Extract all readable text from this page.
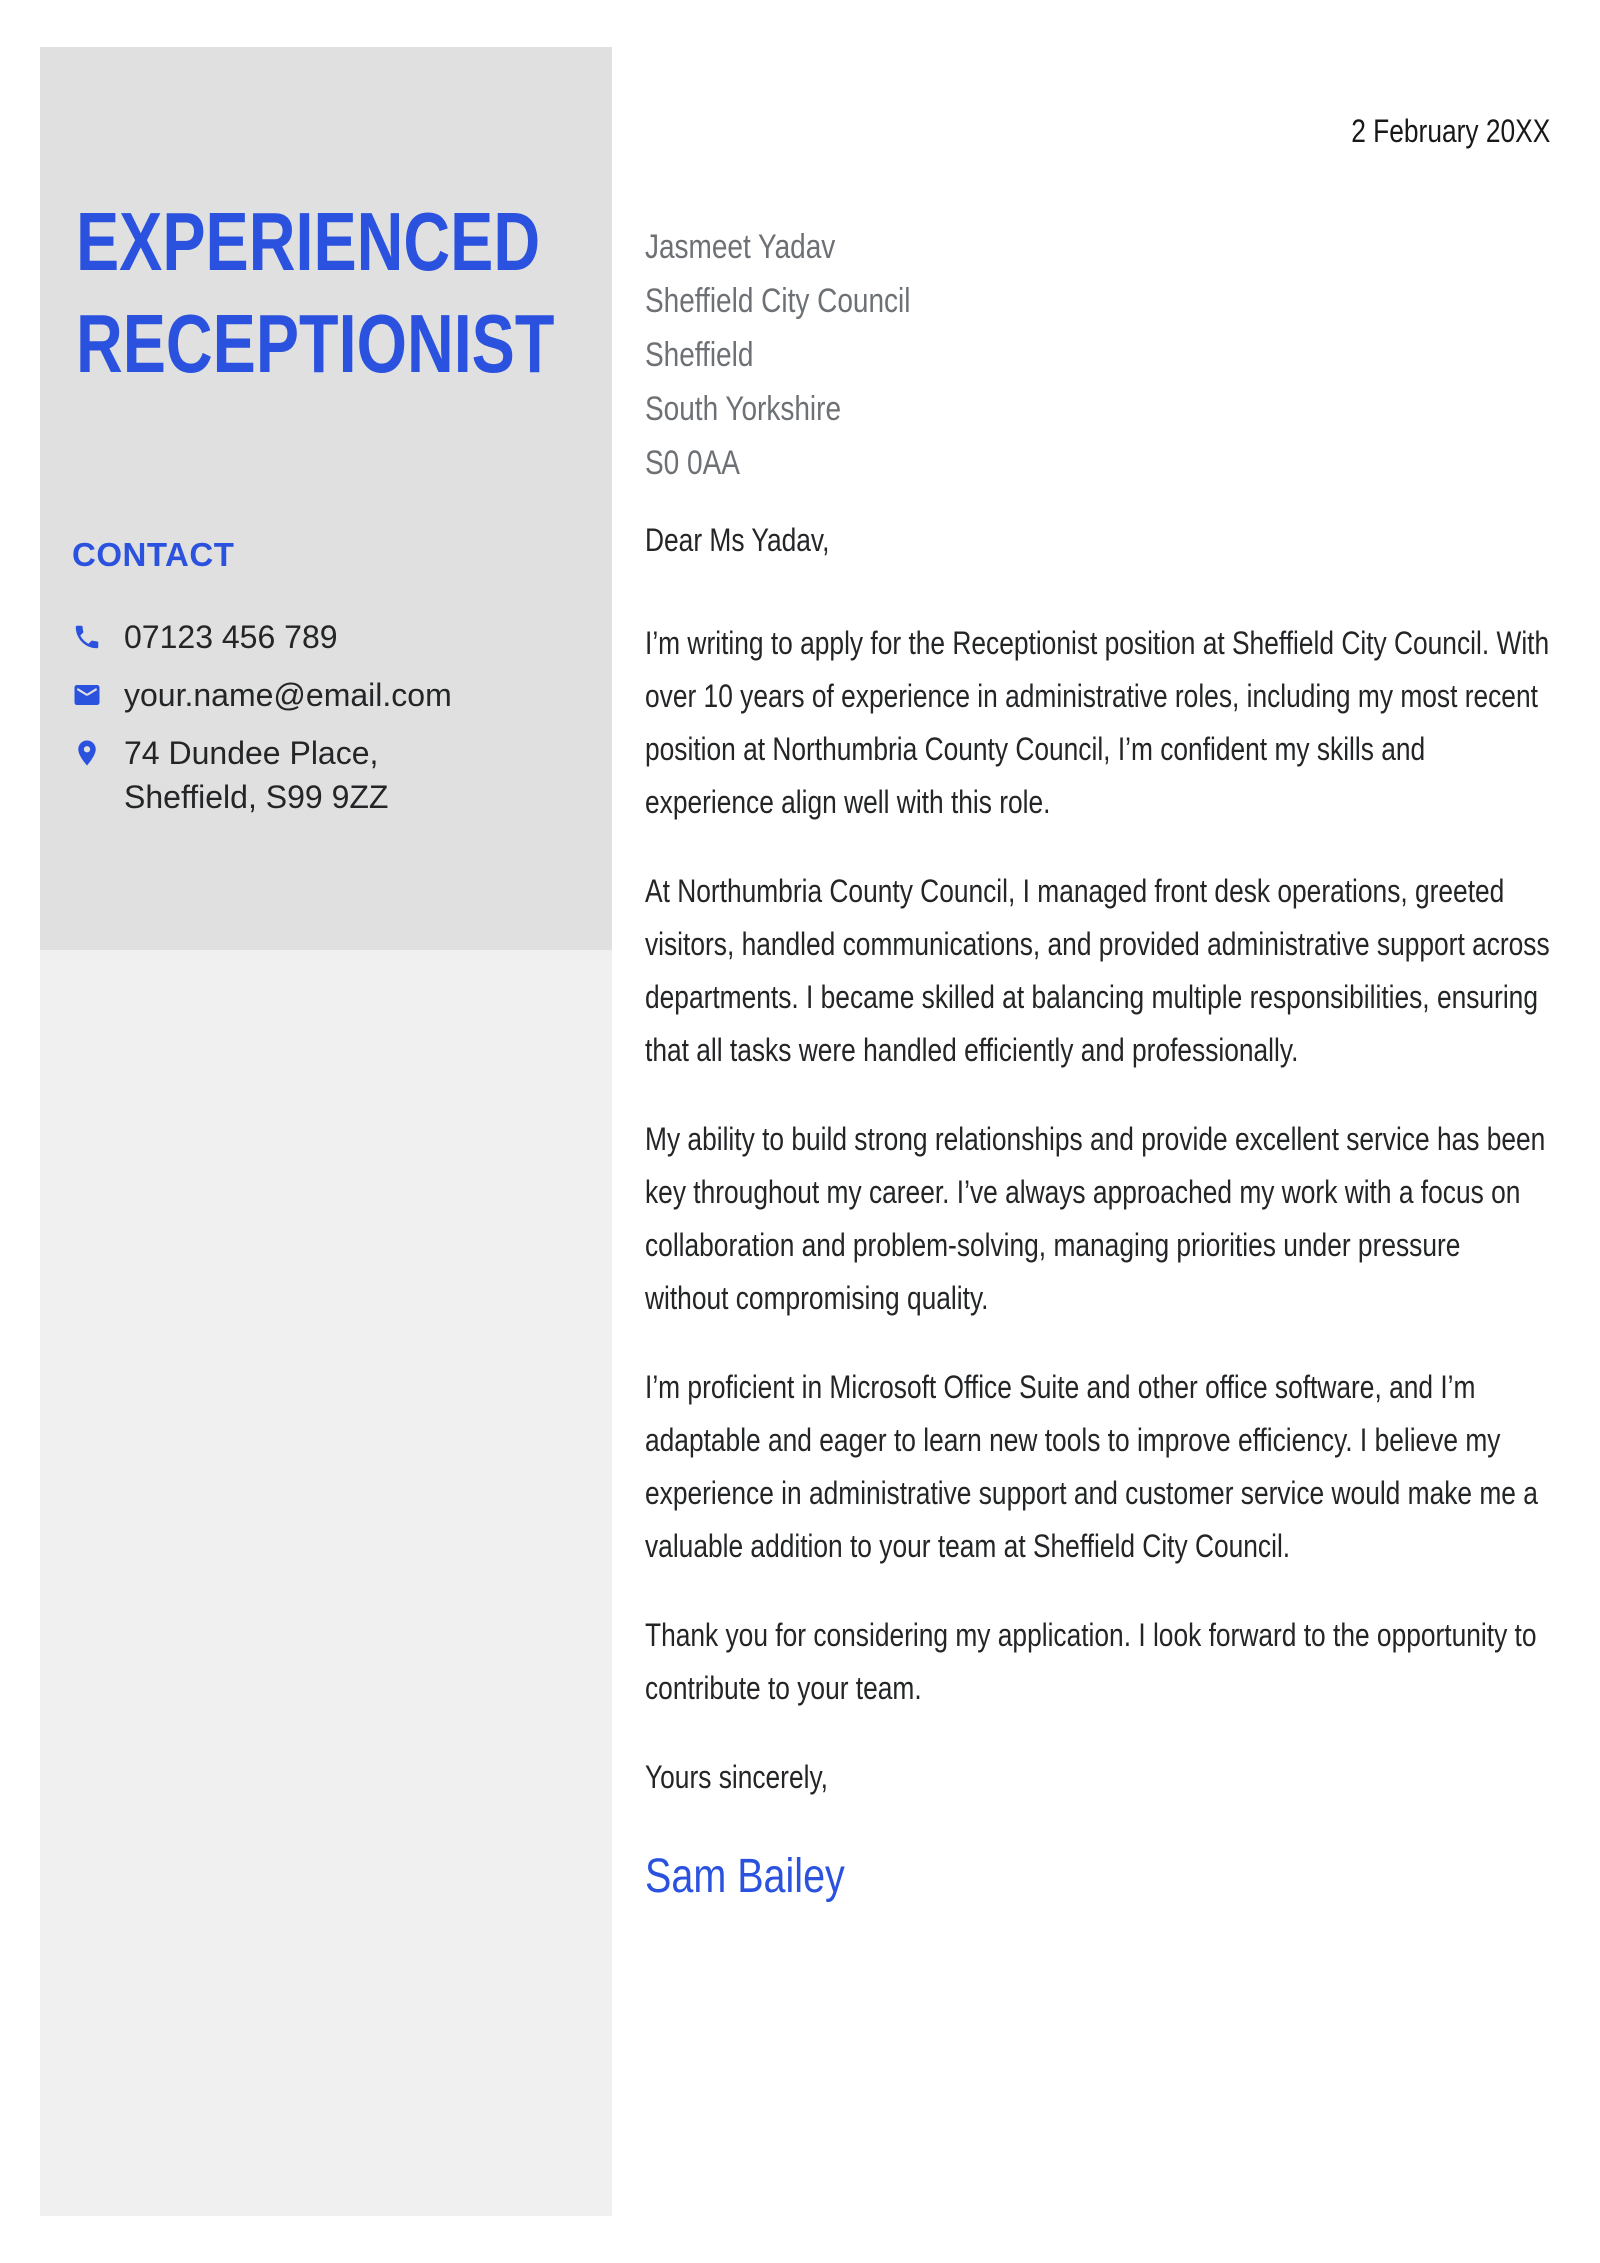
EXPERIENCED
RECEPTIONIST
CONTACT
07123 456 789
your.name@email.com
74 Dundee Place,
Sheffield, S99 9ZZ
2 February 20XX
Jasmeet Yadav
Sheffield City Council
Sheffield
South Yorkshire
S0 0AA

Dear Ms Yadav,

I’m writing to apply for the Receptionist position at Sheffield City Council. With over 10 years of experience in administrative roles, including my most recent position at Northumbria County Council, I’m confident my skills and experience align well with this role.

At Northumbria County Council, I managed front desk operations, greeted visitors, handled communications, and provided administrative support across departments. I became skilled at balancing multiple responsibilities, ensuring that all tasks were handled efficiently and professionally.

My ability to build strong relationships and provide excellent service has been key throughout my career. I’ve always approached my work with a focus on collaboration and problem-solving, managing priorities under pressure without compromising quality.

I’m proficient in Microsoft Office Suite and other office software, and I’m adaptable and eager to learn new tools to improve efficiency. I believe my experience in administrative support and customer service would make me a valuable addition to your team at Sheffield City Council.

Thank you for considering my application. I look forward to the opportunity to contribute to your team.

Yours sincerely,

Sam Bailey
